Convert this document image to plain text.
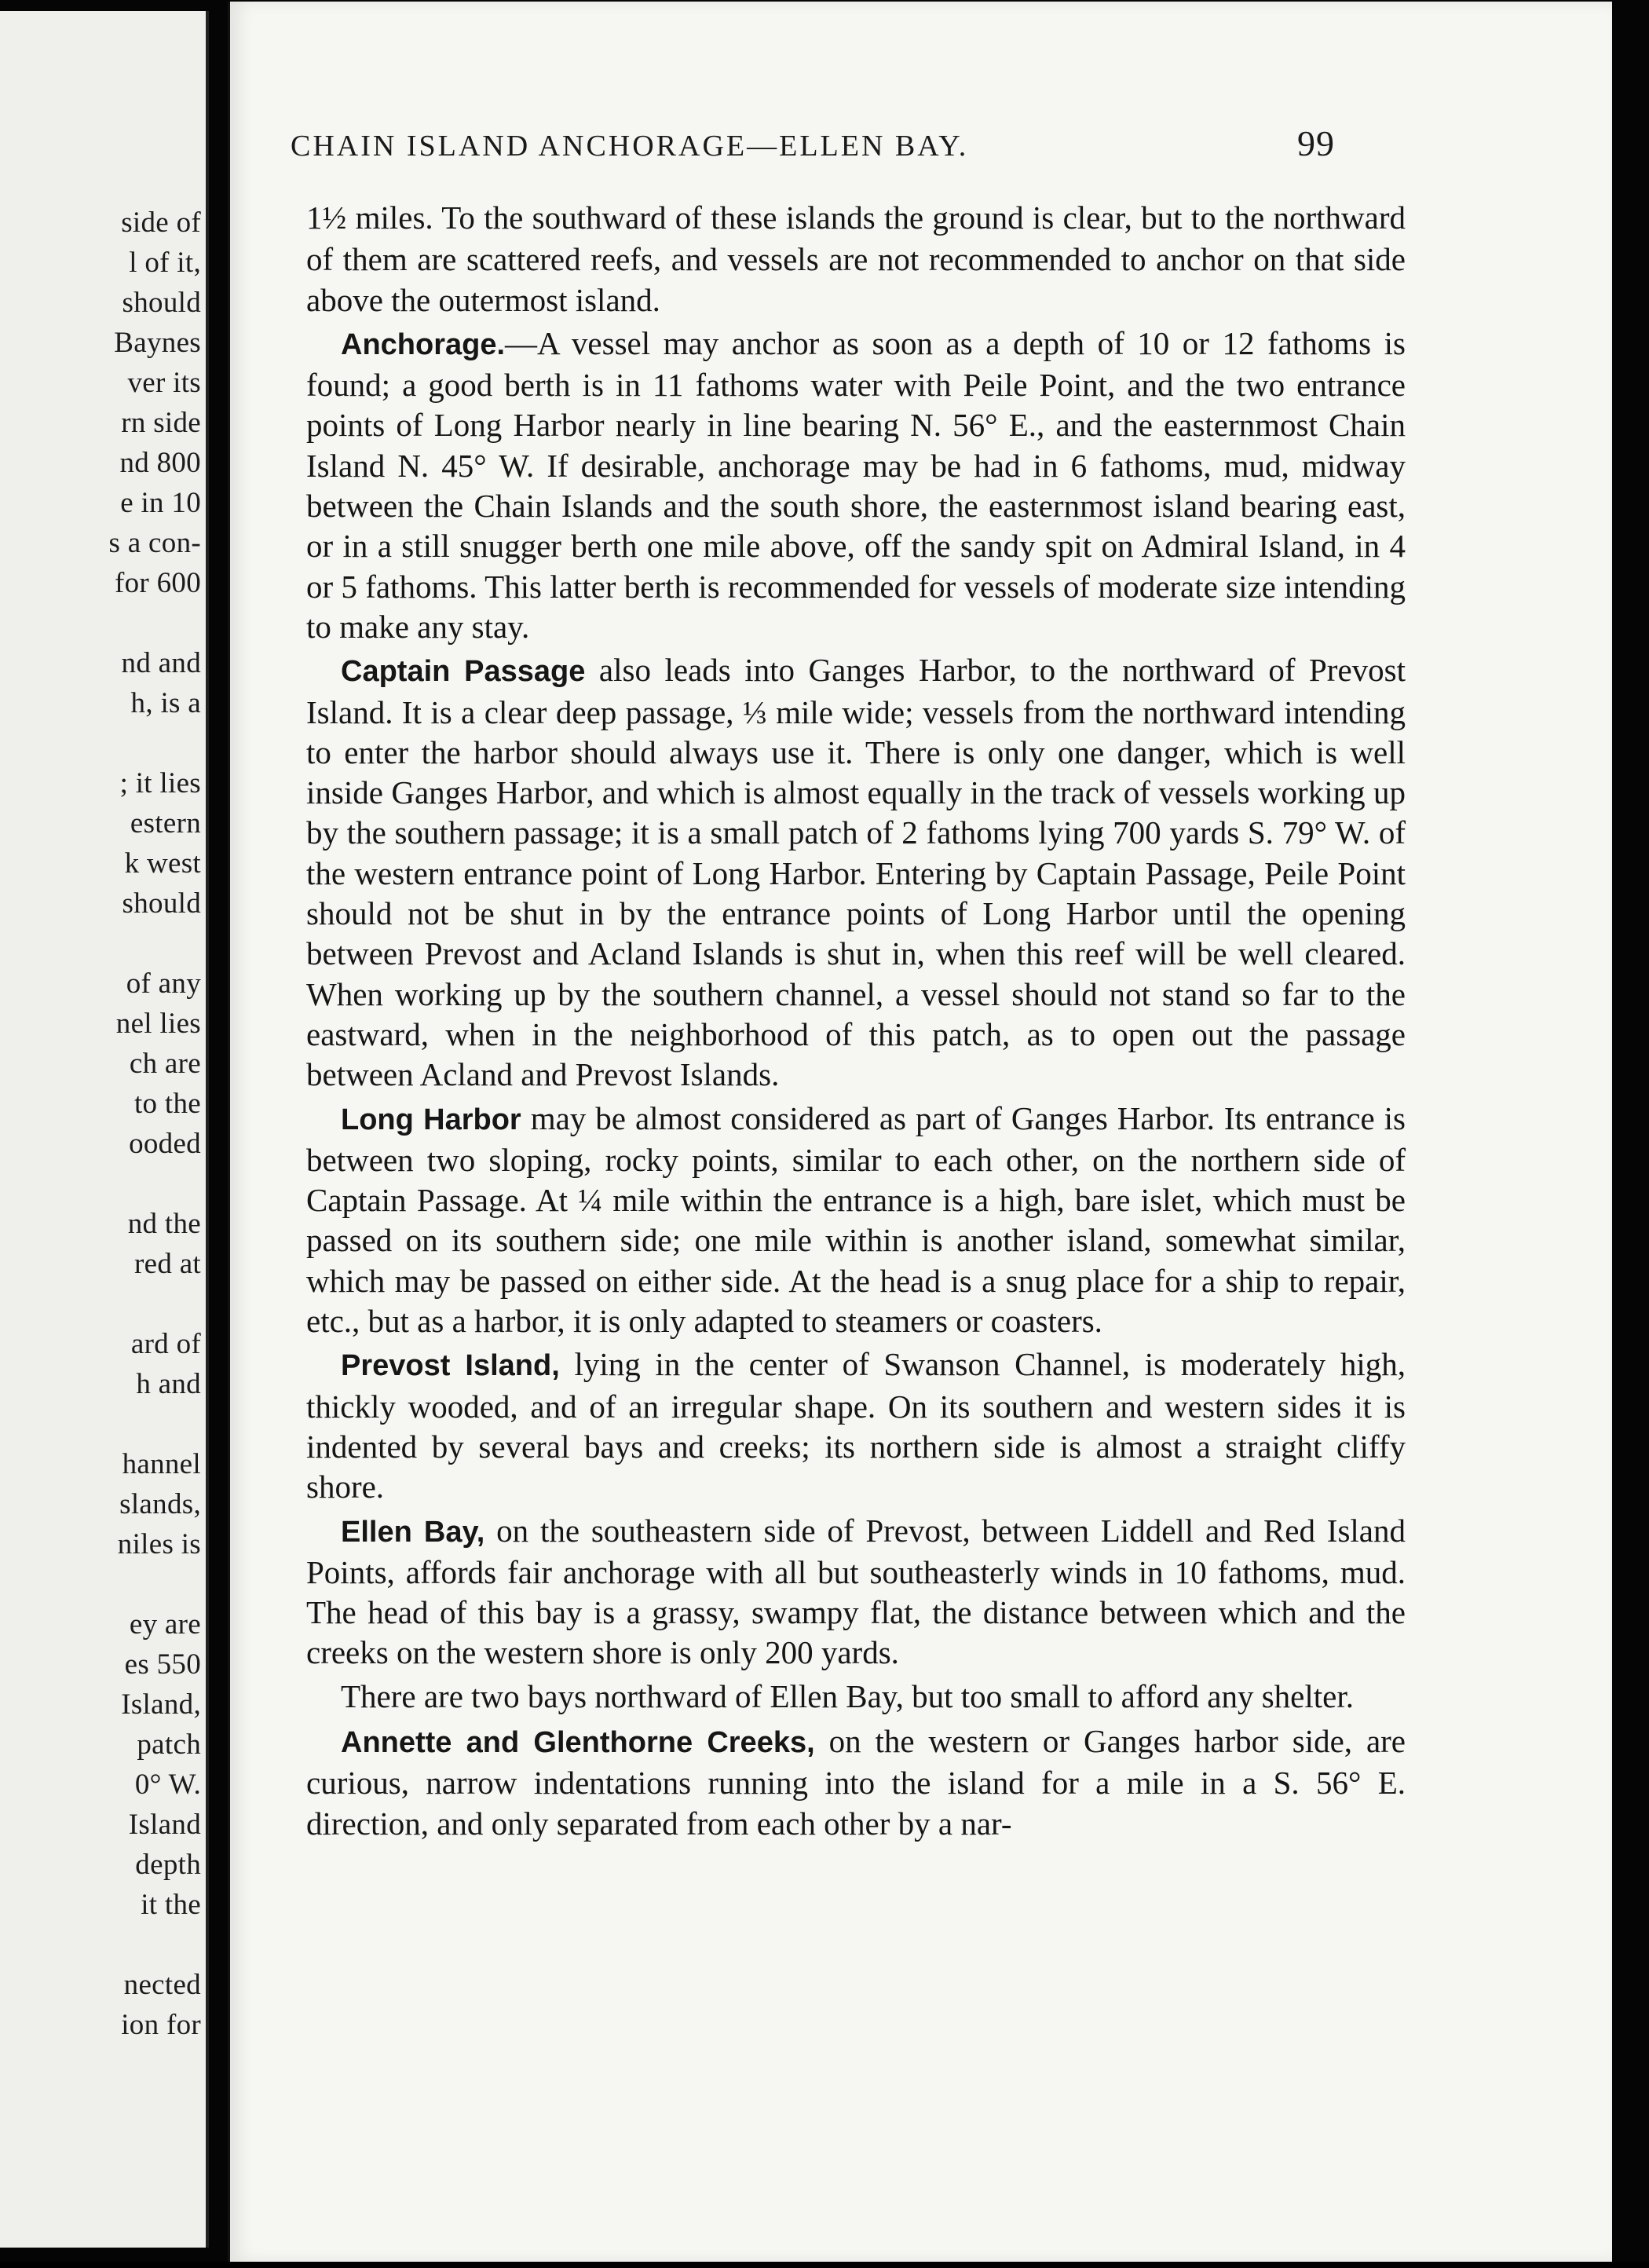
side of
l of it,
should
Baynes
ver its
rn side
nd 800
e in 10
s a con-
for 600
nd and
h, is a
; it lies
estern
k west
should
of any
nel lies
ch are
to the
ooded
nd the
red at
ard of
h and
hannel
slands,
niles is
ey are
es 550
Island,
patch
0° W.
Island
depth
it the
nected
ion for
CHAIN ISLAND ANCHORAGE—ELLEN BAY.	99

1½ miles. To the southward of these islands the ground is clear, but to the northward of them are scattered reefs, and vessels are not recommended to anchor on that side above the outermost island.

Anchorage.—A vessel may anchor as soon as a depth of 10 or 12 fathoms is found; a good berth is in 11 fathoms water with Peile Point, and the two entrance points of Long Harbor nearly in line bearing N. 56° E., and the easternmost Chain Island N. 45° W. If desirable, anchorage may be had in 6 fathoms, mud, midway between the Chain Islands and the south shore, the easternmost island bearing east, or in a still snugger berth one mile above, off the sandy spit on Admiral Island, in 4 or 5 fathoms. This latter berth is recommended for vessels of moderate size intending to make any stay.

Captain Passage also leads into Ganges Harbor, to the northward of Prevost Island. It is a clear deep passage, ⅓ mile wide; vessels from the northward intending to enter the harbor should always use it. There is only one danger, which is well inside Ganges Harbor, and which is almost equally in the track of vessels working up by the southern passage; it is a small patch of 2 fathoms lying 700 yards S. 79° W. of the western entrance point of Long Harbor. Entering by Captain Passage, Peile Point should not be shut in by the entrance points of Long Harbor until the opening between Prevost and Acland Islands is shut in, when this reef will be well cleared. When working up by the southern channel, a vessel should not stand so far to the eastward, when in the neighborhood of this patch, as to open out the passage between Acland and Prevost Islands.

Long Harbor may be almost considered as part of Ganges Harbor. Its entrance is between two sloping, rocky points, similar to each other, on the northern side of Captain Passage. At ¼ mile within the entrance is a high, bare islet, which must be passed on its southern side; one mile within is another island, somewhat similar, which may be passed on either side. At the head is a snug place for a ship to repair, etc., but as a harbor, it is only adapted to steamers or coasters.

Prevost Island, lying in the center of Swanson Channel, is moderately high, thickly wooded, and of an irregular shape. On its southern and western sides it is indented by several bays and creeks; its northern side is almost a straight cliffy shore.

Ellen Bay, on the southeastern side of Prevost, between Liddell and Red Island Points, affords fair anchorage with all but southeasterly winds in 10 fathoms, mud. The head of this bay is a grassy, swampy flat, the distance between which and the creeks on the western shore is only 200 yards.

There are two bays northward of Ellen Bay, but too small to afford any shelter.

Annette and Glenthorne Creeks, on the western or Ganges harbor side, are curious, narrow indentations running into the island for a mile in a S. 56° E. direction, and only separated from each other by a nar-
